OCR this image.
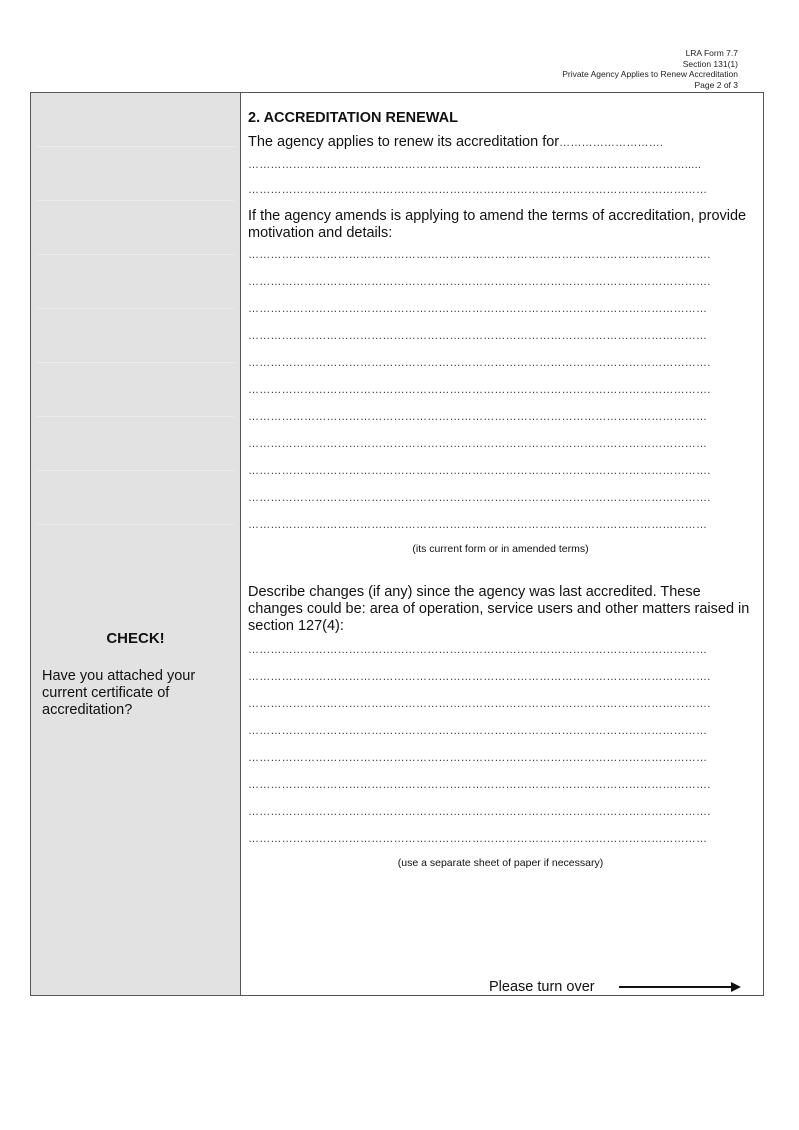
LRA Form 7.7
Section 131(1)
Private Agency Applies to Renew Accreditation
Page 2 of 3
CHECK!
Have you attached your current certificate of accreditation?
2. ACCREDITATION RENEWAL
The agency applies to renew its accreditation for……………………….
……………………………………………………………………………………………………….....
……………………………………………………………………………………………………………
If the agency amends is applying to amend the terms of accreditation, provide motivation and details:
…………………………………………………………………………………………………………….
…………………………………………………………………………………………………………….
……………………………………………………………………………………………………………
……………………………………………………………………………………………………………
…………………………………………………………………………………………………………….
…………………………………………………………………………………………………………….
……………………………………………………………………………………………………………
……………………………………………………………………………………………………………
…………………………………………………………………………………………………………….
…………………………………………………………………………………………………………….
……………………………………………………………………………………………………………
(its current form or in amended terms)
Describe changes (if any) since the agency was last accredited. These changes could be: area of operation, service users and other matters raised in section 127(4):
……………………………………………………………………………………………………………
…………………………………………………………………………………………………………….
…………………………………………………………………………………………………………….
……………………………………………………………………………………………………………
……………………………………………………………………………………………………………
…………………………………………………………………………………………………………….
…………………………………………………………………………………………………………….
……………………………………………………………………………………………………………
(use a separate sheet of paper if necessary)
Please turn over
